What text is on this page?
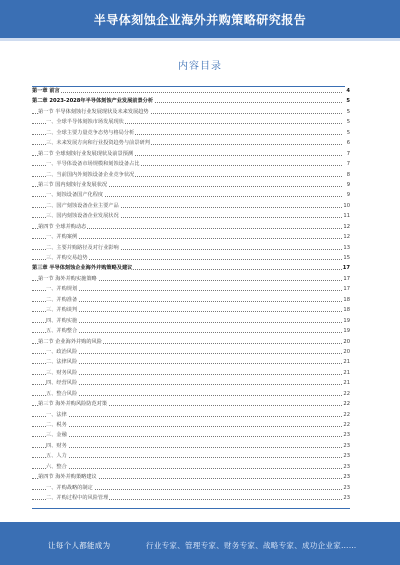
半导体刻蚀企业海外并购策略研究报告
内容目录
第一章 前言	4
第二章 2023-2028年半导体刻蚀产业发展前景分析	5
第一节 半导体刻蚀行业发展现状及未来发展趋势	5
一、全球半导体刻蚀市场发展现状	5
二、全球主要力量竞争态势与格局分析	5
三、未来发展方向和行业投资趋势与前景研判	6
第二节 全球刻蚀行业发展现状及前景预测	7
一、半导体设备市场规模和刻蚀设备占比	7
二、当前国内外刻蚀设备企业竞争状况	8
第三节 国内刻蚀行业发展状况	9
一、刻蚀设备国产化程度	9
二、国产刻蚀设备企业主要产品	10
三、国内刻蚀设备企业发展状况	11
第四节 全球并购动态	12
一、并购案例	12
二、主要并购路径及对行业影响	13
三、并购交易趋势	15
第三章 半导体刻蚀企业海外并购策略及建议	17
第一节 海外并购实施策略	17
一、并购规划	17
二、并购准备	18
三、并购谈判	18
四、并购实施	19
五、并购整合	19
第二节 企业海外并购的风险	20
一、政治风险	20
二、法律风险	21
三、财务风险	21
四、经营风险	21
五、整合风险	22
第三节 海外并购风险防范对策	22
一、法律	22
二、税务	22
三、金融	23
四、财务	23
五、人力	23
六、整合	23
第四节 海外并购策略建议	23
一、并购战略的制定	23
二、并购过程中的风险管理	23
让每个人都能成为	行业专家、管理专家、财务专家、战略专家、成功企业家……
